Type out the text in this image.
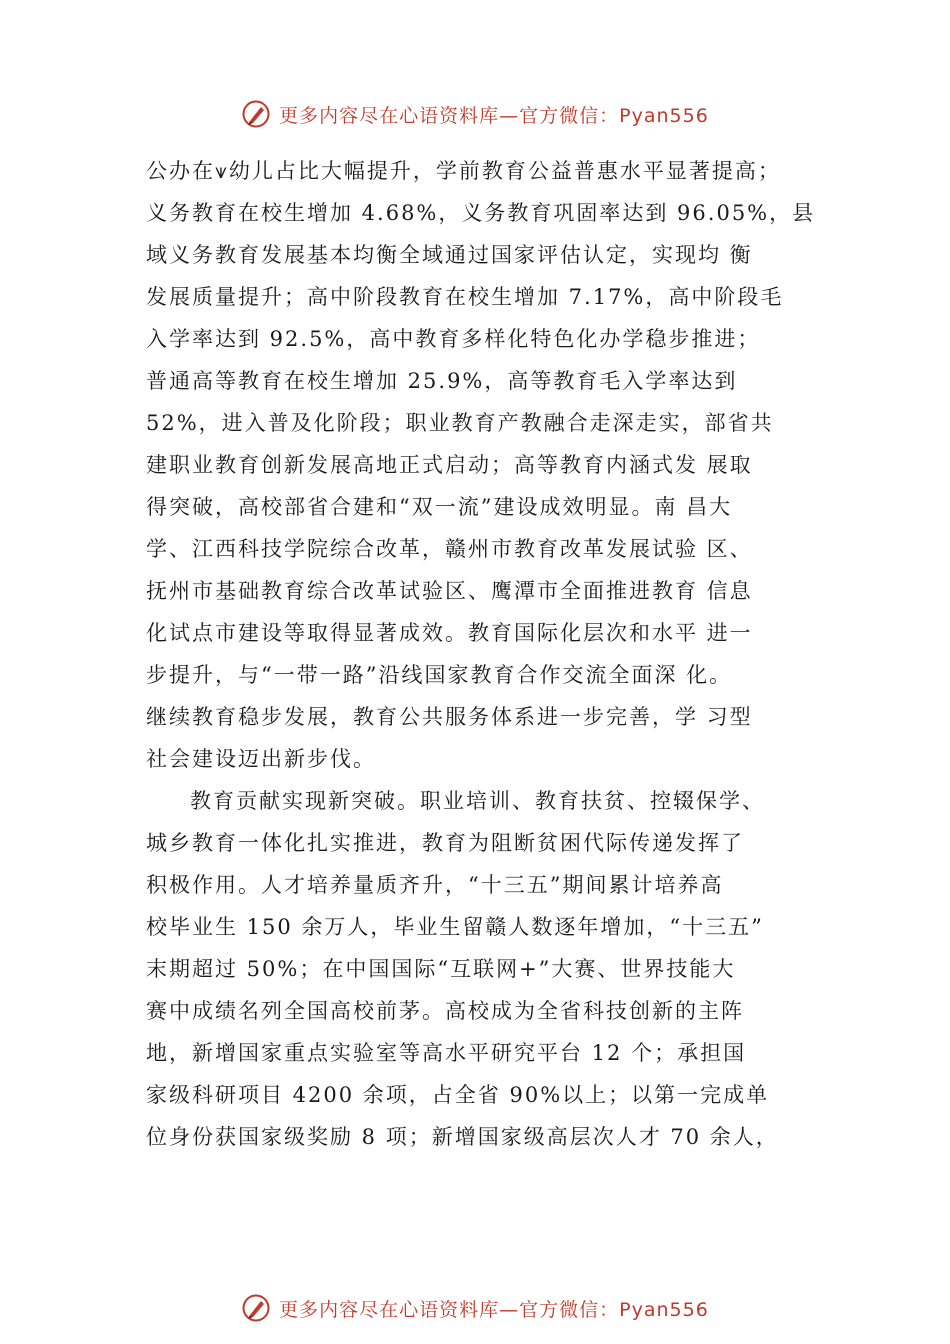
更多内容尽在心语资料库—官方微信：Pyan556
公办在⩛幼儿占比大幅提升，学前教育公益普惠水平显著提高；
义务教育在校生增加 4.68%，义务教育巩固率达到 96.05%，县
域义务教育发展基本均衡全域通过国家评估认定，实现均 衡
发展质量提升；高中阶段教育在校生增加 7.17%，高中阶段毛
入学率达到 92.5%，高中教育多样化特色化办学稳步推进；
普通高等教育在校生增加 25.9%，高等教育毛入学率达到
52%，进入普及化阶段；职业教育产教融合走深走实，部省共
建职业教育创新发展高地正式启动；高等教育内涵式发 展取
得突破，高校部省合建和“双一流”建设成效明显。南 昌大
学、江西科技学院综合改革，赣州市教育改革发展试验 区、
抚州市基础教育综合改革试验区、鹰潭市全面推进教育 信息
化试点市建设等取得显著成效。教育国际化层次和水平 进一
步提升，与“一带一路”沿线国家教育合作交流全面深 化。
继续教育稳步发展，教育公共服务体系进一步完善，学 习型
社会建设迈出新步伐。
教育贡献实现新突破。职业培训、教育扶贫、控辍保学、
城乡教育一体化扎实推进，教育为阻断贫困代际传递发挥了
积极作用。人才培养量质齐升，“十三五”期间累计培养高
校毕业生 150 余万人，毕业生留赣人数逐年增加，“十三五”
末期超过 50%；在中国国际“互联网+”大赛、世界技能大
赛中成绩名列全国高校前茅。高校成为全省科技创新的主阵
地，新增国家重点实验室等高水平研究平台 12 个；承担国
家级科研项目 4200 余项，占全省 90%以上；以第一完成单
位身份获国家级奖励 8 项；新增国家级高层次人才 70 余人，
更多内容尽在心语资料库—官方微信：Pyan556
